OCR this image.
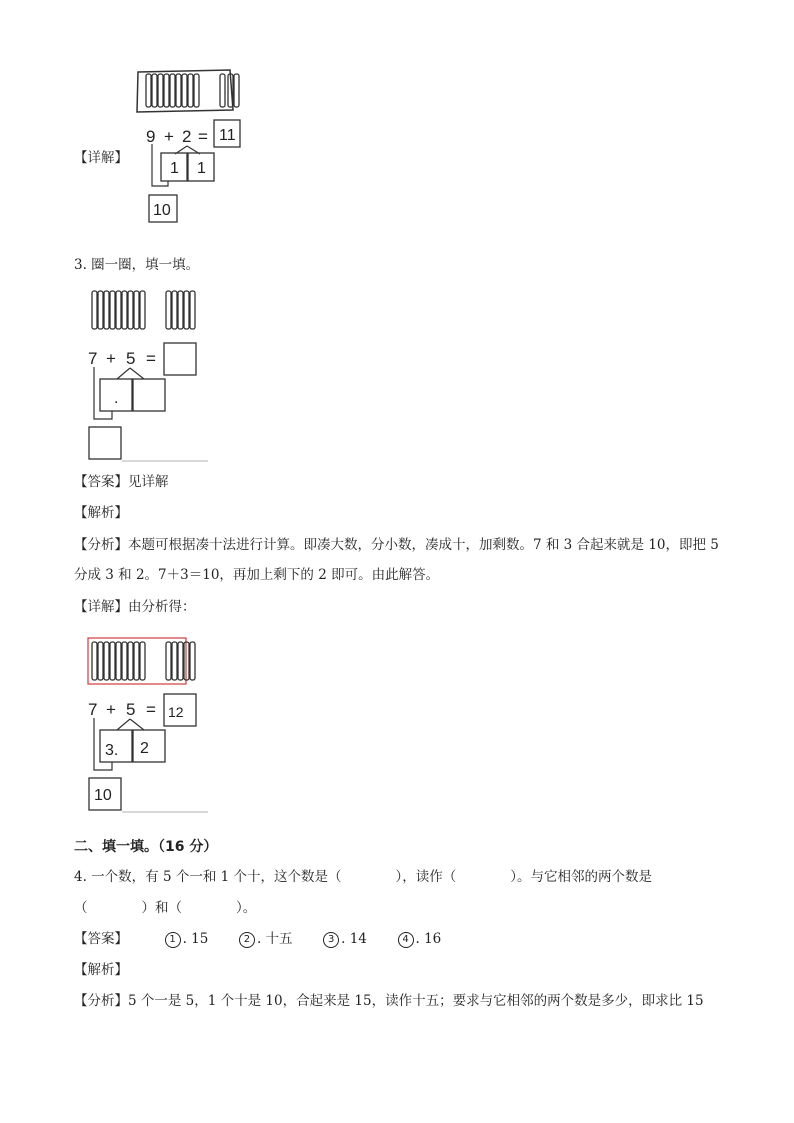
【详解】
9 + 2 = 11
1 1
10
3. 圈一圈，填一填。
7 + 5 =
.
【答案】见详解
【解析】
【分析】本题可根据凑十法进行计算。即凑大数，分小数，凑成十，加剩数。7 和 3 合起来就是 10，即把 5
分成 3 和 2。7＋3＝10，再加上剩下的 2 即可。由此解答。
【详解】由分析得：
7 + 5 = 12
3. 2
10
二、填一填。（16 分）
4. 一个数，有 5 个一和 1 个十，这个数是（　　　　），读作（　　　　）。与它相邻的两个数是
（　　　　）和（　　　　）。
【答案】	1 . 15	2 . 十五	3 . 14	4 . 16
【解析】
【分析】5 个一是 5，1 个十是 10，合起来是 15，读作十五；要求与它相邻的两个数是多少，即求比 15
